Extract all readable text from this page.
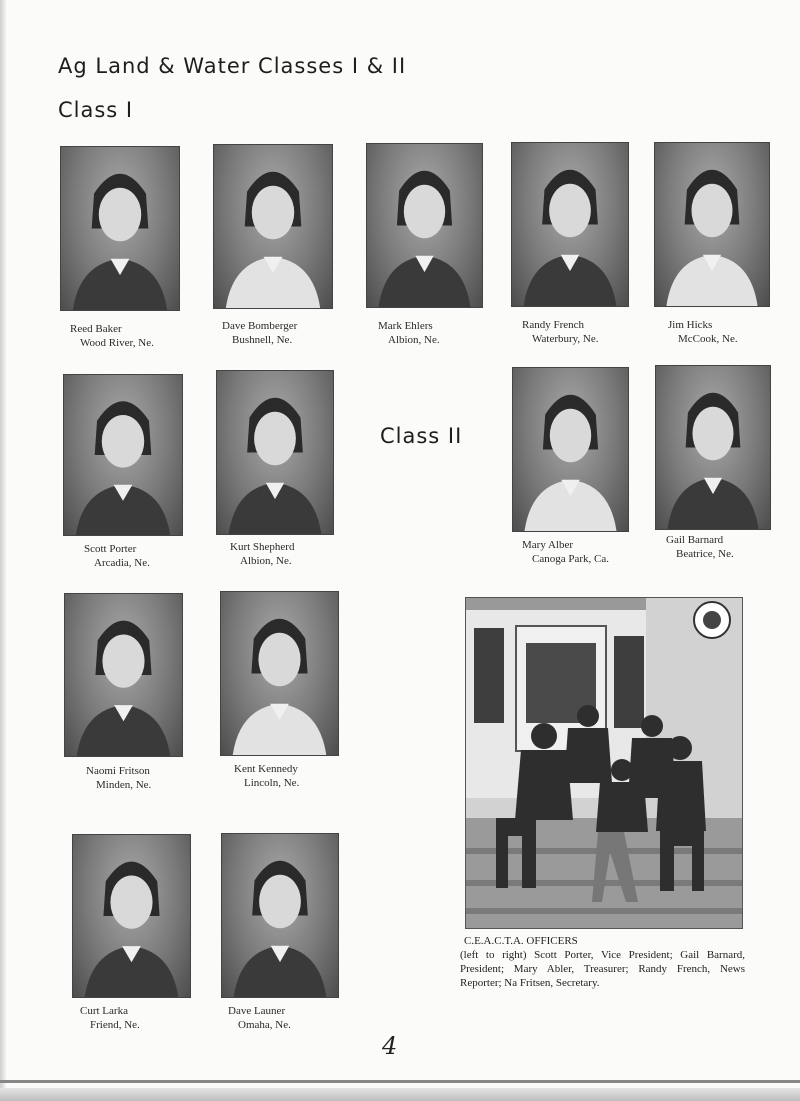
Ag Land & Water Classes I & II
Class I
Class II
Reed Baker
Wood River, Ne.
Dave Bomberger
Bushnell, Ne.
Mark Ehlers
Albion, Ne.
Randy French
Waterbury, Ne.
Jim Hicks
McCook, Ne.
Scott Porter
Arcadia, Ne.
Kurt Shepherd
Albion, Ne.
Mary Alber
Canoga Park, Ca.
Gail Barnard
Beatrice, Ne.
Naomi Fritson
Minden, Ne.
Kent Kennedy
Lincoln, Ne.
Curt Larka
Friend, Ne.
Dave Launer
Omaha, Ne.
C.E.A.C.T.A. OFFICERS
(left to right) Scott Porter, Vice President; Gail Barnard, President; Mary Abler, Treasurer; Randy French, News Reporter; Na Fritsen, Secretary.
4
